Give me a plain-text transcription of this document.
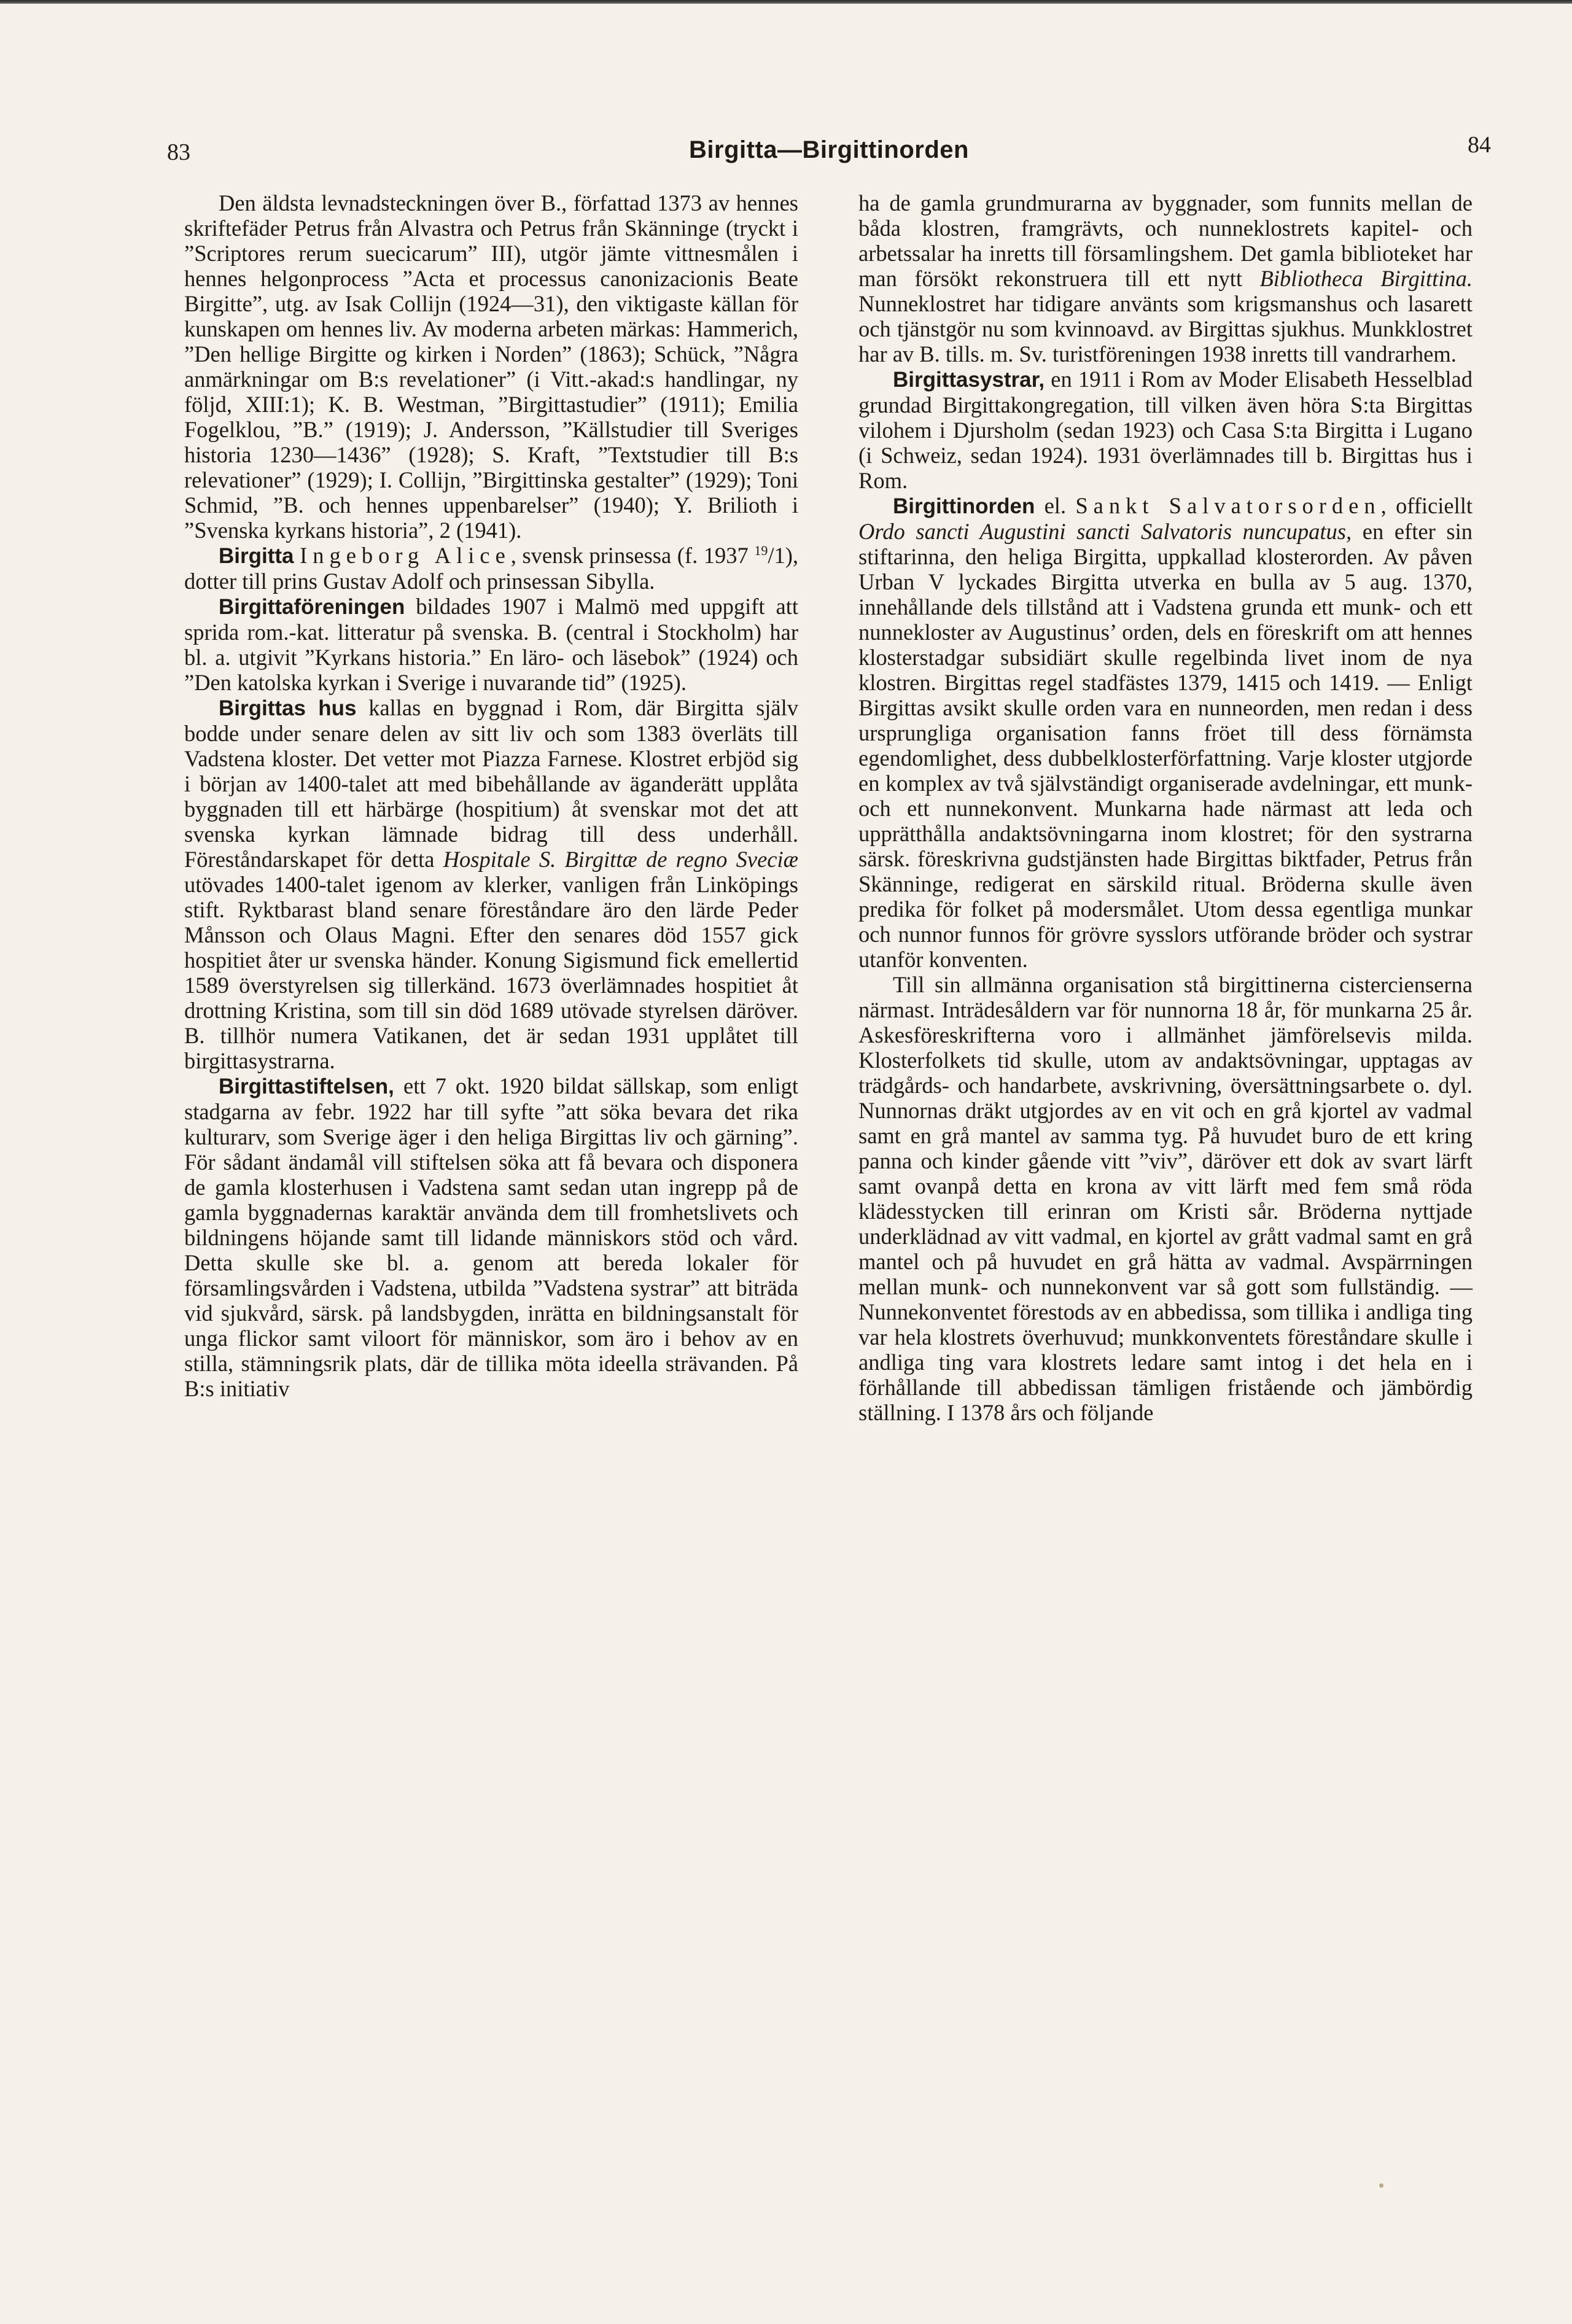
83	Birgitta—Birgittinorden	84

Den äldsta levnadsteckningen över B., författad 1373 av hennes skriftefäder Petrus från Alvastra och Petrus från Skänninge (tryckt i ”Scriptores rerum suecicarum” III), utgör jämte vittnesmålen i hennes helgonprocess ”Acta et processus canonizacionis Beate Birgitte”, utg. av Isak Collijn (1924—31), den viktigaste källan för kunskapen om hennes liv. Av moderna arbeten märkas: Hammerich, ”Den hellige Birgitte og kirken i Norden” (1863); Schück, ”Några anmärkningar om B:s revelationer” (i Vitt.-akad:s handlingar, ny följd, XIII:1); K. B. Westman, ”Birgittastudier” (1911); Emilia Fogelklou, ”B.” (1919); J. Andersson, ”Källstudier till Sveriges historia 1230—1436” (1928); S. Kraft, ”Textstudier till B:s relevationer” (1929); I. Collijn, ”Birgittinska gestalter” (1929); Toni Schmid, ”B. och hennes uppenbarelser” (1940); Y. Brilioth i ”Svenska kyrkans historia”, 2 (1941).

Birgitta Ingeborg Alice, svensk prinsessa (f. 1937 $^{19}$/1), dotter till prins Gustav Adolf och prinsessan Sibylla.

Birgittaföreningen bildades 1907 i Malmö med uppgift att sprida rom.-kat. litteratur på svenska. B. (central i Stockholm) har bl. a. utgivit ”Kyrkans historia.” En läro- och läsebok” (1924) och ”Den katolska kyrkan i Sverige i nuvarande tid” (1925).

Birgittas hus kallas en byggnad i Rom, där Birgitta själv bodde under senare delen av sitt liv och som 1383 överläts till Vadstena kloster. Det vetter mot Piazza Farnese. Klostret erbjöd sig i början av 1400-talet att med bibehållande av äganderätt upplåta byggnaden till ett härbärge (hospitium) åt svenskar mot det att svenska kyrkan lämnade bidrag till dess underhåll. Föreståndarskapet för detta Hospitale S. Birgittæ de regno Sveciæ utövades 1400-talet igenom av klerker, vanligen från Linköpings stift. Ryktbarast bland senare föreståndare äro den lärde Peder Månsson och Olaus Magni. Efter den senares död 1557 gick hospitiet åter ur svenska händer. Konung Sigismund fick emellertid 1589 överstyrelsen sig tillerkänd. 1673 överlämnades hospitiet åt drottning Kristina, som till sin död 1689 utövade styrelsen däröver. B. tillhör numera Vatikanen, det är sedan 1931 upplåtet till birgittasystrarna.

Birgittastiftelsen, ett 7 okt. 1920 bildat sällskap, som enligt stadgarna av febr. 1922 har till syfte ”att söka bevara det rika kulturarv, som Sverige äger i den heliga Birgittas liv och gärning”. För sådant ändamål vill stiftelsen söka att få bevara och disponera de gamla klosterhusen i Vadstena samt sedan utan ingrepp på de gamla byggnadernas karaktär använda dem till fromhetslivets och bildningens höjande samt till lidande människors stöd och vård. Detta skulle ske bl. a. genom att bereda lokaler för församlingsvården i Vadstena, utbilda ”Vadstena systrar” att biträda vid sjukvård, särsk. på landsbygden, inrätta en bildningsanstalt för unga flickor samt viloort för människor, som äro i behov av en stilla, stämningsrik plats, där de tillika möta ideella strävanden. På B:s initiativ

ha de gamla grundmurarna av byggnader, som funnits mellan de båda klostren, framgrävts, och nunneklostrets kapitel- och arbetssalar ha inretts till församlingshem. Det gamla biblioteket har man försökt rekonstruera till ett nytt Bibliotheca Birgittina. Nunneklostret har tidigare använts som krigsmanshus och lasarett och tjänstgör nu som kvinnoavd. av Birgittas sjukhus. Munkklostret har av B. tills. m. Sv. turistföreningen 1938 inretts till vandrarhem.

Birgittasystrar, en 1911 i Rom av Moder Elisabeth Hesselblad grundad Birgittakongregation, till vilken även höra S:ta Birgittas vilohem i Djursholm (sedan 1923) och Casa S:ta Birgitta i Lugano (i Schweiz, sedan 1924). 1931 överlämnades till b. Birgittas hus i Rom.

Birgittinorden el. Sankt Salvatorsorden, officiellt Ordo sancti Augustini sancti Salvatoris nuncupatus, en efter sin stiftarinna, den heliga Birgitta, uppkallad klosterorden. Av påven Urban V lyckades Birgitta utverka en bulla av 5 aug. 1370, innehållande dels tillstånd att i Vadstena grunda ett munk- och ett nunnekloster av Augustinus’ orden, dels en föreskrift om att hennes klosterstadgar subsidiärt skulle regelbinda livet inom de nya klostren. Birgittas regel stadfästes 1379, 1415 och 1419. — Enligt Birgittas avsikt skulle orden vara en nunneorden, men redan i dess ursprungliga organisation fanns fröet till dess förnämsta egendomlighet, dess dubbelklosterförfattning. Varje kloster utgjorde en komplex av två självständigt organiserade avdelningar, ett munk- och ett nunnekonvent. Munkarna hade närmast att leda och upprätthålla andaktsövningarna inom klostret; för den systrarna särsk. föreskrivna gudstjänsten hade Birgittas biktfader, Petrus från Skänninge, redigerat en särskild ritual. Bröderna skulle även predika för folket på modersmålet. Utom dessa egentliga munkar och nunnor funnos för grövre sysslors utförande bröder och systrar utanför konventen.

Till sin allmänna organisation stå birgittinerna cistercienserna närmast. Inträdesåldern var för nunnorna 18 år, för munkarna 25 år. Askesföreskrifterna voro i allmänhet jämförelsevis milda. Klosterfolkets tid skulle, utom av andaktsövningar, upptagas av trädgårds- och handarbete, avskrivning, översättningsarbete o. dyl. Nunnornas dräkt utgjordes av en vit och en grå kjortel av vadmal samt en grå mantel av samma tyg. På huvudet buro de ett kring panna och kinder gående vitt ”viv”, däröver ett dok av svart lärft samt ovanpå detta en krona av vitt lärft med fem små röda klädesstycken till erinran om Kristi sår. Bröderna nyttjade underklädnad av vitt vadmal, en kjortel av grått vadmal samt en grå mantel och på huvudet en grå hätta av vadmal. Avspärrningen mellan munk- och nunnekonvent var så gott som fullständig. — Nunnekonventet förestods av en abbedissa, som tillika i andliga ting var hela klostrets överhuvud; munkkonventets föreståndare skulle i andliga ting vara klostrets ledare samt intog i det hela en i förhållande till abbedissan tämligen fristående och jämbördig ställning. I 1378 års och följande
